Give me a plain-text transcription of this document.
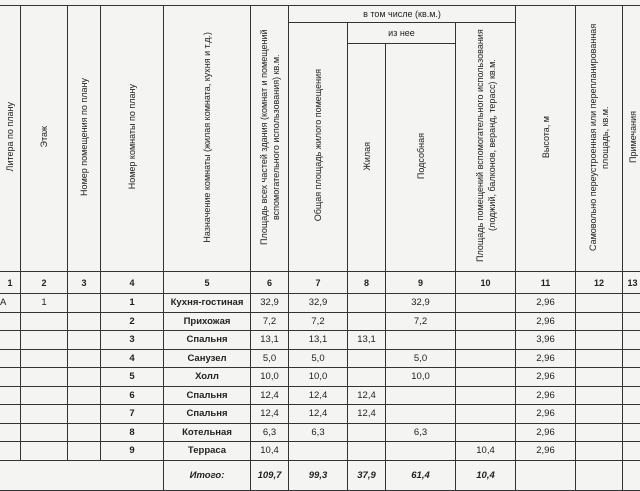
Литера по плану	Этаж	Номер помещения по плану	Номер комнаты по плану	Назначение комнаты (жилая комната, кухня и т.д.)	Площадь всех частей здания (комнат и помещений вспомогательного использования) кв.м.	в том числе (кв.м.)				Высота, м	Самовольно переустроенная или перепланированная площадь, кв.м.	Примечания
						Общая площадь жилого помещения	из нее		Площадь помещений вспомогательного использования (лоджий, балконов, веранд, терасс) кв.м.			
							Жилая	Подсобная				
1	2	3	4	5	6	7	8	9	10	11	12	13
А	1		1	Кухня-гостиная	32,9	32,9		32,9		2,96		
			2	Прихожая	7,2	7,2		7,2		2,96		
			3	Спальня	13,1	13,1	13,1			3,96		
			4	Санузел	5,0	5,0		5,0		2,96		
			5	Холл	10,0	10,0		10,0		2,96		
			6	Спальня	12,4	12,4	12,4			2,96		
			7	Спальня	12,4	12,4	12,4			2,96		
			8	Котельная	6,3	6,3		6,3		2,96		
			9	Терраса	10,4				10,4	2,96		
				Итого:	109,7	99,3	37,9	61,4	10,4			
